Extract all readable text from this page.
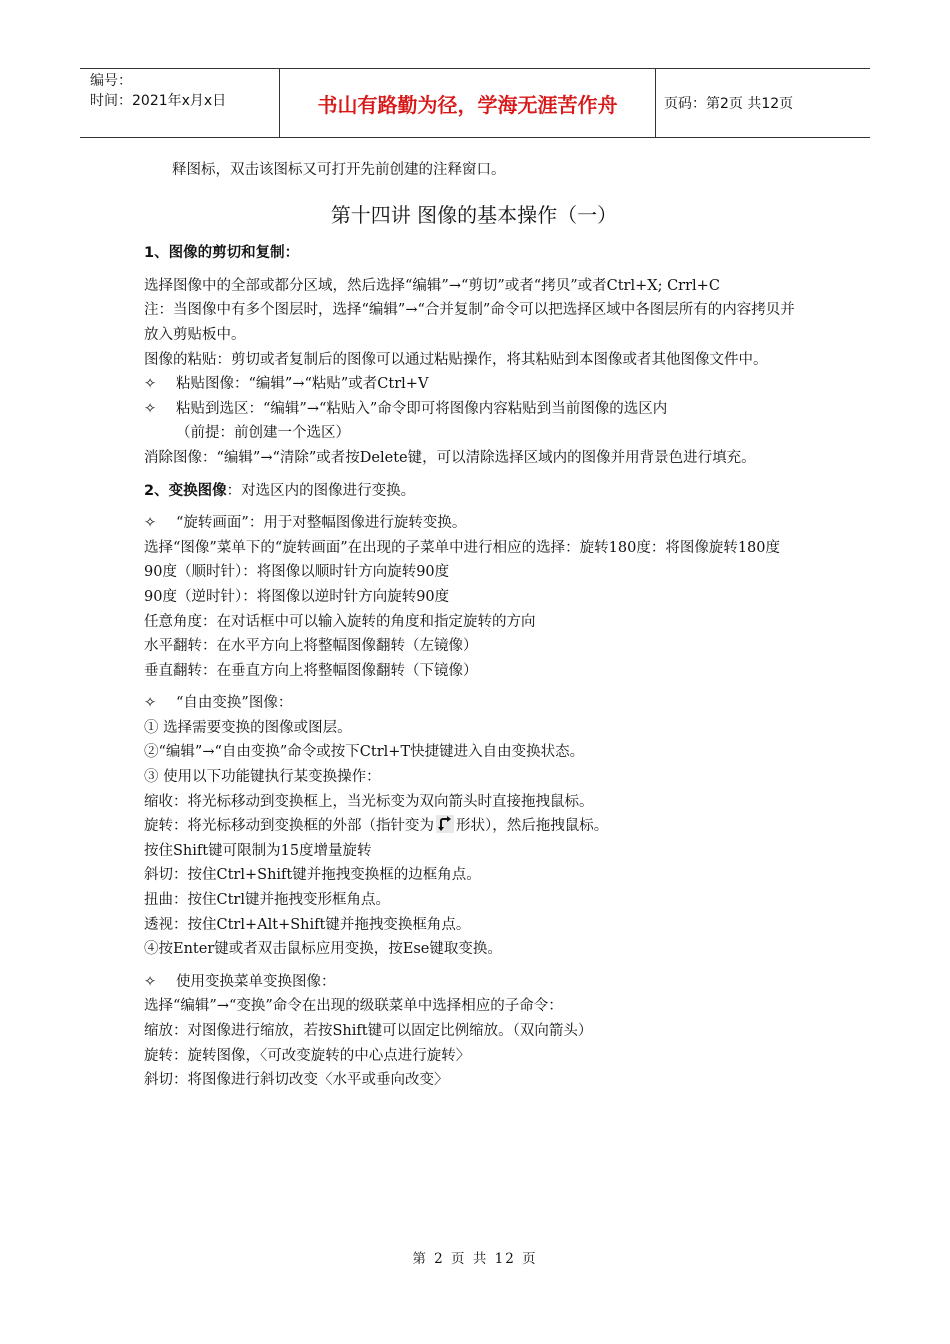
编号：
时间：2021年x月x日	书山有路勤为径，学海无涯苦作舟	页码：第2页 共12页

释图标，双击该图标又可打开先前创建的注释窗口。

第十四讲 图像的基本操作（一）

1、图像的剪切和复制：

选择图像中的全部或都分区域，然后选择“编辑”→“剪切”或者“拷贝”或者Ctrl+X; Crrl+C

注：当图像中有多个图层时，选择“编辑”→“合并复制”命令可以把选择区域中各图层所有的内容拷贝并放入剪贴板中。

图像的粘贴：剪切或者复制后的图像可以通过粘贴操作，将其粘贴到本图像或者其他图像文件中。

✧ 粘贴图像：“编辑”→“粘贴”或者Ctrl+V

✧ 粘贴到选区：“编辑”→“粘贴入”命令即可将图像内容粘贴到当前图像的选区内

（前提：前创建一个选区）

消除图像：“编辑”→“清除”或者按Delete键，可以清除选择区域内的图像并用背景色进行填充。

2、变换图像：对选区内的图像进行变换。

✧ “旋转画面”：用于对整幅图像进行旋转变换。

选择“图像”菜单下的“旋转画面”在出现的子菜单中进行相应的选择：旋转180度：将图像旋转180度

90度（顺时针）：将图像以顺时针方向旋转90度

90度（逆时针）：将图像以逆时针方向旋转90度

任意角度：在对话框中可以输入旋转的角度和指定旋转的方向

水平翻转：在水平方向上将整幅图像翻转（左镜像）

垂直翻转：在垂直方向上将整幅图像翻转（下镜像）

✧ “自由变换”图像：

① 选择需要变换的图像或图层。

②“编辑”→“自由变换”命令或按下Ctrl+T快捷键进入自由变换状态。

③ 使用以下功能键执行某变换操作：

缩收：将光标移动到变换框上，当光标变为双向箭头时直接拖拽鼠标。

旋转：将光标移动到变换框的外部（指针变为 形状），然后拖拽鼠标。

按住Shift键可限制为15度增量旋转

斜切：按住Ctrl+Shift键并拖拽变换框的边框角点。

扭曲：按住Ctrl键并拖拽变形框角点。

透视：按住Ctrl+Alt+Shift键并拖拽变换框角点。

④按Enter键或者双击鼠标应用变换，按Ese键取变换。

✧ 使用变换菜单变换图像：

选择“编辑”→“变换”命令在出现的级联菜单中选择相应的子命令：

缩放：对图像进行缩放，若按Shift键可以固定比例缩放。（双向箭头）

旋转：旋转图像，〈可改变旋转的中心点进行旋转〉

斜切：将图像进行斜切改变〈水平或垂向改变〉

第 2 页 共 12 页
